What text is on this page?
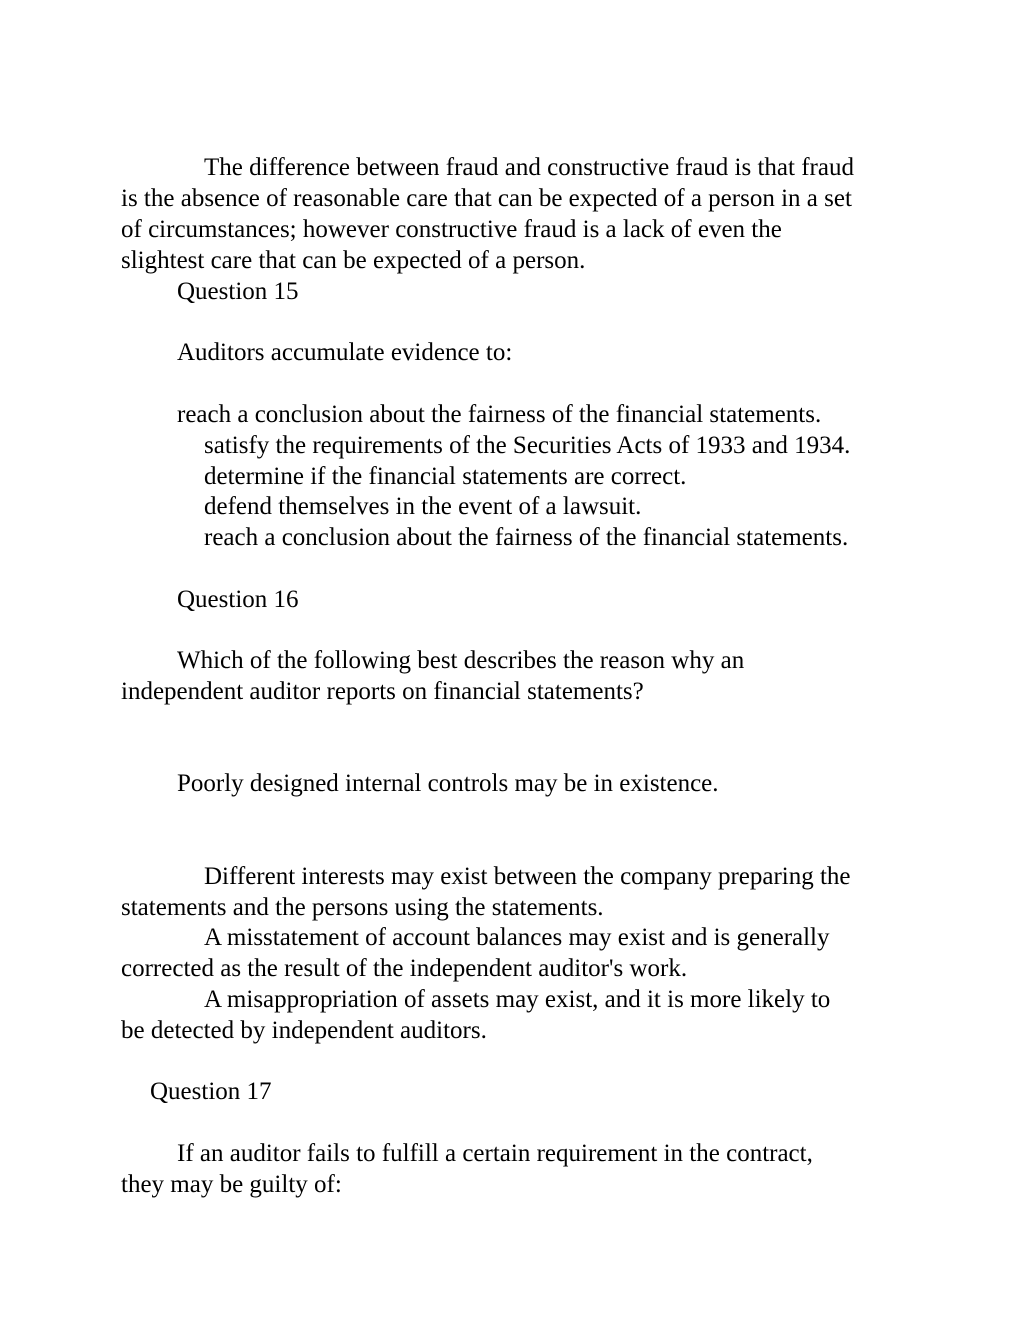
The difference between fraud and constructive fraud is that fraud

is the absence of reasonable care that can be expected of a person in a set

of circumstances; however constructive fraud is a lack of even the

slightest care that can be expected of a person.

Question 15

Auditors accumulate evidence to:

reach a conclusion about the fairness of the financial statements.

satisfy the requirements of the Securities Acts of 1933 and 1934.

determine if the financial statements are correct.

defend themselves in the event of a lawsuit.

reach a conclusion about the fairness of the financial statements.

Question 16

Which of the following best describes the reason why an

independent auditor reports on financial statements?

Poorly designed internal controls may be in existence.

Different interests may exist between the company preparing the

statements and the persons using the statements.

A misstatement of account balances may exist and is generally

corrected as the result of the independent auditor's work.

A misappropriation of assets may exist, and it is more likely to

be detected by independent auditors.

Question 17

If an auditor fails to fulfill a certain requirement in the contract,

they may be guilty of:
